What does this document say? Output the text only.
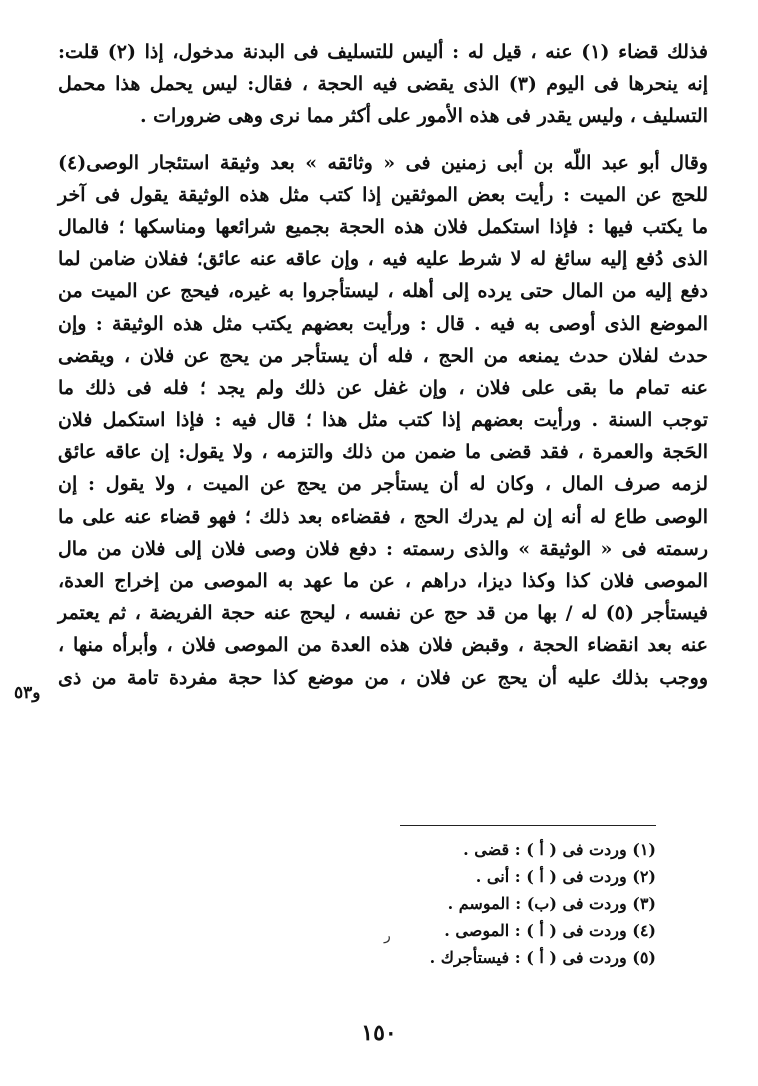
فذلك قضاء (١) عنه ، قيل له : أليس للتسليف فى البدنة مدخول، إذا (٢) قلت:
إنه ينحرها فى اليوم (٣) الذى يقضى فيه الحجة ، فقال: ليس يحمل هذا محمل
التسليف ، وليس يقدر فى هذه الأمور على أكثر مما نرى وهى ضرورات .
وقال أبو عبد اللّه بن أبى زمنين فى « وثائقه » بعد وثيقة استئجار الوصى(٤)
للحج عن الميت : رأيت بعض الموثقين إذا كتب مثل هذه الوثيقة يقول فى آخر
ما يكتب فيها : فإذا استكمل فلان هذه الحجة بجميع شرائعها ومناسكها ؛ فالمال
الذى دُفع إليه سائغ له لا شرط عليه فيه ، وإن عاقه عنه عائق؛ ففلان ضامن لما
دفع إليه من المال حتى يرده إلى أهله ، ليستأجروا به غيره، فيحج عن الميت من
الموضع الذى أوصى به فيه . قال : ورأيت بعضهم يكتب مثل هذه الوثيقة : وإن
حدث لفلان حدث يمنعه من الحج ، فله أن يستأجر من يحج عن فلان ، ويقضى
عنه تمام ما بقى على فلان ، وإن غفل عن ذلك ولم يجد ؛ فله فى ذلك ما
توجب السنة . ورأيت بعضهم إذا كتب مثل هذا ؛ قال فيه : فإذا استكمل فلان
الحَجة والعمرة ، فقد قضى ما ضمن من ذلك والتزمه ، ولا يقول: إن عاقه عائق
لزمه صرف المال ، وكان له أن يستأجر من يحج عن الميت ، ولا يقول : إن
الوصى طاع له أنه إن لم يدرك الحج ، فقضاءه بعد ذلك ؛ فهو قضاء عنه على ما
رسمته فى « الوثيقة » والذى رسمته : دفع فلان وصى فلان إلى فلان من مال
الموصى فلان كذا وكذا ديزا، دراهم ، عن ما عهد به الموصى من إخراج العدة،
فيستأجر (٥) له / بها من قد حج عن نفسه ، ليحج عنه حجة الفريضة ، ثم يعتمر
عنه بعد انقضاء الحجة ، وقبض فلان هذه العدة من الموصى فلان ، وأبرأه منها ،
ووجب بذلك عليه أن يحج عن فلان ، من موضع كذا حجة مفردة تامة من ذى
و٥٣
(١) وردت فى ( أ ) : قضى .
(٢) وردت فى ( أ ) : أنى .
(٣) وردت فى (ب) : الموسم .
(٤) وردت فى ( أ ) : الموصى .
(٥) وردت فى ( أ ) : فيستأجرك .
ر
١٥٠
